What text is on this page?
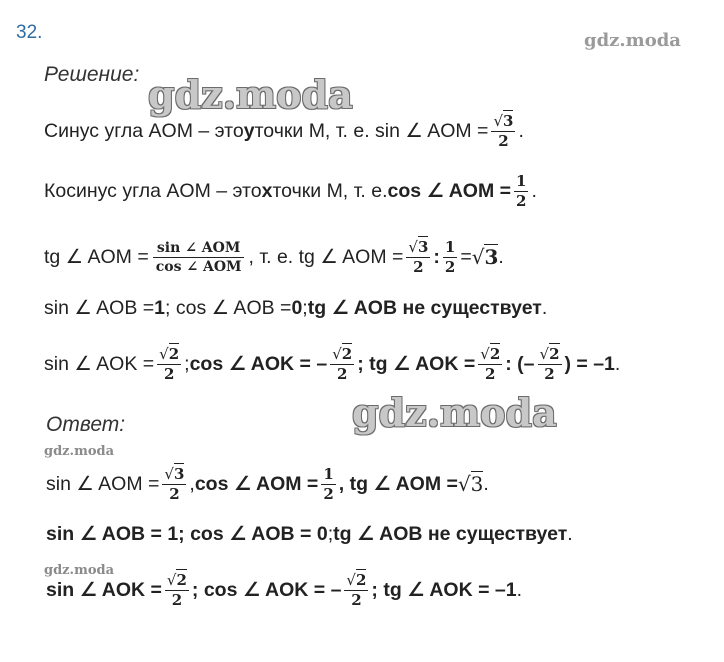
32.	gdz.moda
Решение: gdz.moda
Синус угла AOM – это y точки M, т. е. sin ∠ AOM = $\frac{√3}{2}$ .
Косинус угла AOM – это x точки M, т. е. cos ∠ AOM = $\frac{1}{2}$ .
tg ∠ AOM = $\frac{\text{sin ∠ AOM}}{\text{cos ∠ AOM}}$ , т. е. tg ∠ AOM = $\frac{√3}{2}$ : $\frac{1}{2} = √3$ .
sin ∠ AOB = 1 ; cos ∠ AOB = 0 ; tg ∠ AOB не существует .
sin ∠ AOK = $\frac{√2}{2}$ ; cos ∠ AOK = – $\frac{√2}{2}$ ; tg ∠ AOK = $\frac{√2}{2}$ : (– $\frac{√2}{2}$ ) = –1 .
gdz.moda
Ответ:
gdz.moda
sin ∠ AOM = $\frac{√3}{2}$ , cos ∠ AOM = $\frac{1}{2}$ , tg ∠ AOM = √3 .
sin ∠ AOB = 1; cos ∠ AOB = 0 ; tg ∠ AOB не существует .
gdz.moda
sin ∠ AOK = $\frac{√2}{2}$ ; cos ∠ AOK = – $\frac{√2}{2}$ ; tg ∠ AOK = –1 .
